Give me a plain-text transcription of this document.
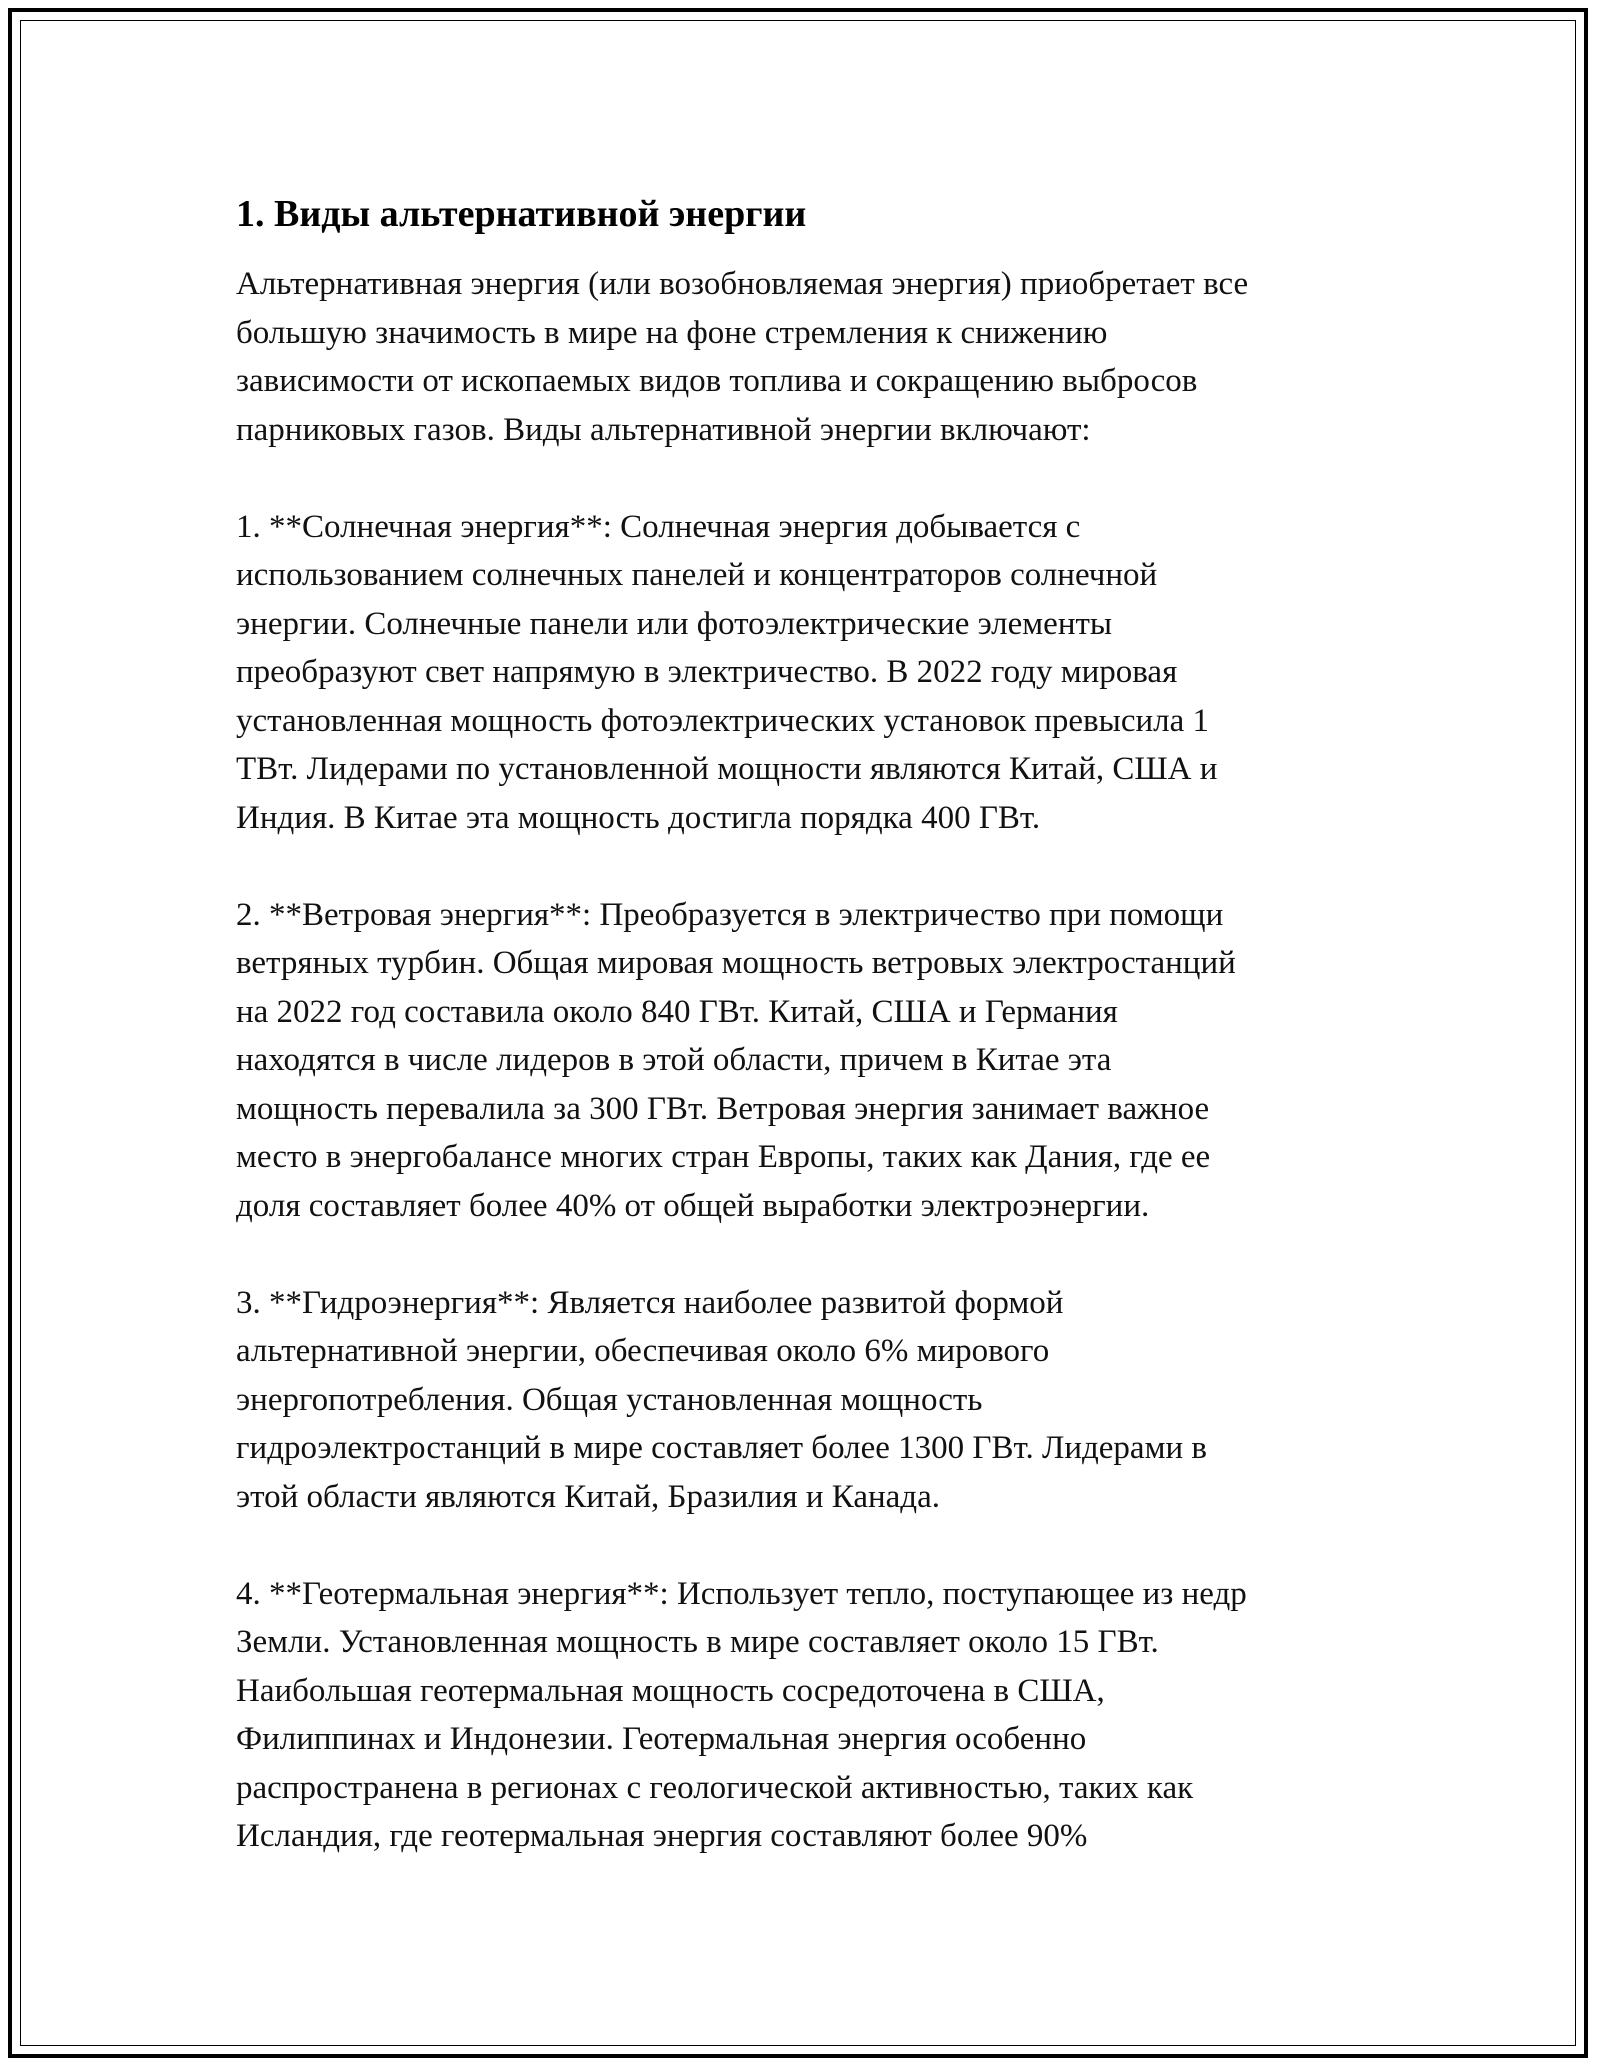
1. Виды альтернативной энергии

Альтернативная энергия (или возобновляемая энергия) приобретает все
большую значимость в мире на фоне стремления к снижению
зависимости от ископаемых видов топлива и сокращению выбросов
парниковых газов. Виды альтернативной энергии включают:

1. **Солнечная энергия**: Солнечная энергия добывается с
использованием солнечных панелей и концентраторов солнечной
энергии. Солнечные панели или фотоэлектрические элементы
преобразуют свет напрямую в электричество. В 2022 году мировая
установленная мощность фотоэлектрических установок превысила 1
ТВт. Лидерами по установленной мощности являются Китай, США и
Индия. В Китае эта мощность достигла порядка 400 ГВт.

2. **Ветровая энергия**: Преобразуется в электричество при помощи
ветряных турбин. Общая мировая мощность ветровых электростанций
на 2022 год составила около 840 ГВт. Китай, США и Германия
находятся в числе лидеров в этой области, причем в Китае эта
мощность перевалила за 300 ГВт. Ветровая энергия занимает важное
место в энергобалансе многих стран Европы, таких как Дания, где ее
доля составляет более 40% от общей выработки электроэнергии.

3. **Гидроэнергия**: Является наиболее развитой формой
альтернативной энергии, обеспечивая около 6% мирового
энергопотребления. Общая установленная мощность
гидроэлектростанций в мире составляет более 1300 ГВт. Лидерами в
этой области являются Китай, Бразилия и Канада.

4. **Геотермальная энергия**: Использует тепло, поступающее из недр
Земли. Установленная мощность в мире составляет около 15 ГВт.
Наибольшая геотермальная мощность сосредоточена в США,
Филиппинах и Индонезии. Геотермальная энергия особенно
распространена в регионах с геологической активностью, таких как
Исландия, где геотермальная энергия составляют более 90%
